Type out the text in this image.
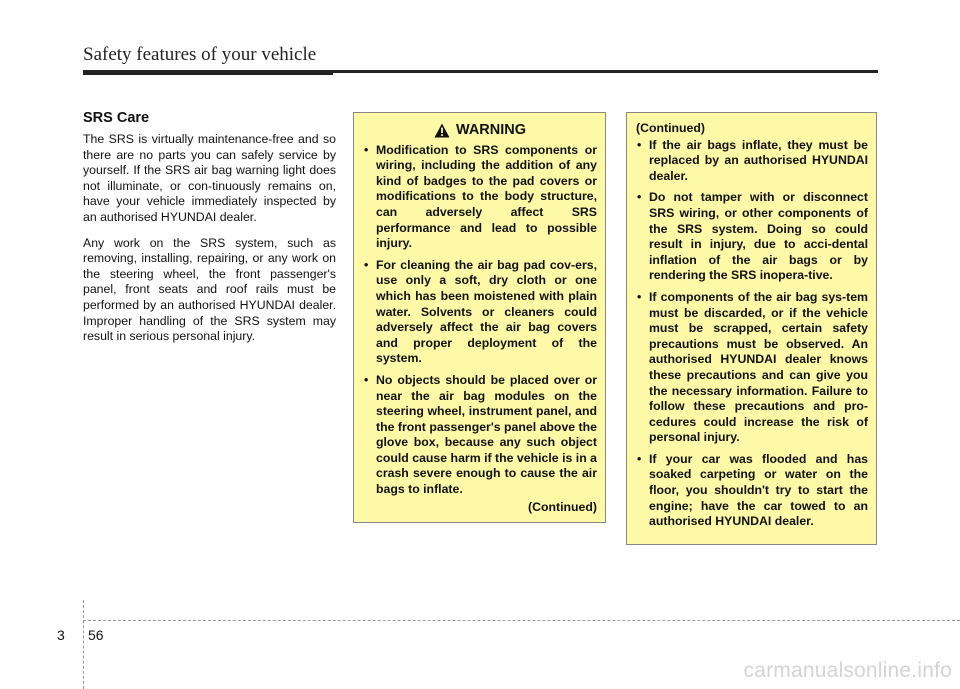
Safety features of your vehicle
SRS Care

The SRS is virtually maintenance-free and so there are no parts you can safely service by yourself. If the SRS air bag warning light does not illuminate, or con-tinuously remains on, have your vehicle immediately inspected by an authorised HYUNDAI dealer.

Any work on the SRS system, such as removing, installing, repairing, or any work on the steering wheel, the front passenger's panel, front seats and roof rails must be performed by an authorised HYUNDAI dealer. Improper handling of the SRS system may result in serious personal injury.

WARNING
• Modification to SRS components or wiring, including the addition of any kind of badges to the pad covers or modifications to the body structure, can adversely affect SRS performance and lead to possible injury.
• For cleaning the air bag pad cov-ers, use only a soft, dry cloth or one which has been moistened with plain water. Solvents or cleaners could adversely affect the air bag covers and proper deployment of the system.
• No objects should be placed over or near the air bag modules on the steering wheel, instrument panel, and the front passenger's panel above the glove box, because any such object could cause harm if the vehicle is in a crash severe enough to cause the air bags to inflate.
(Continued)
(Continued)
• If the air bags inflate, they must be replaced by an authorised HYUNDAI dealer.
• Do not tamper with or disconnect SRS wiring, or other components of the SRS system. Doing so could result in injury, due to acci-dental inflation of the air bags or by rendering the SRS inopera-tive.
• If components of the air bag sys-tem must be discarded, or if the vehicle must be scrapped, certain safety precautions must be observed. An authorised HYUNDAI dealer knows these precautions and can give you the necessary information. Failure to follow these precautions and pro-cedures could increase the risk of personal injury.
• If your car was flooded and has soaked carpeting or water on the floor, you shouldn't try to start the engine; have the car towed to an authorised HYUNDAI dealer.
3 56
carmanualsonline.info
